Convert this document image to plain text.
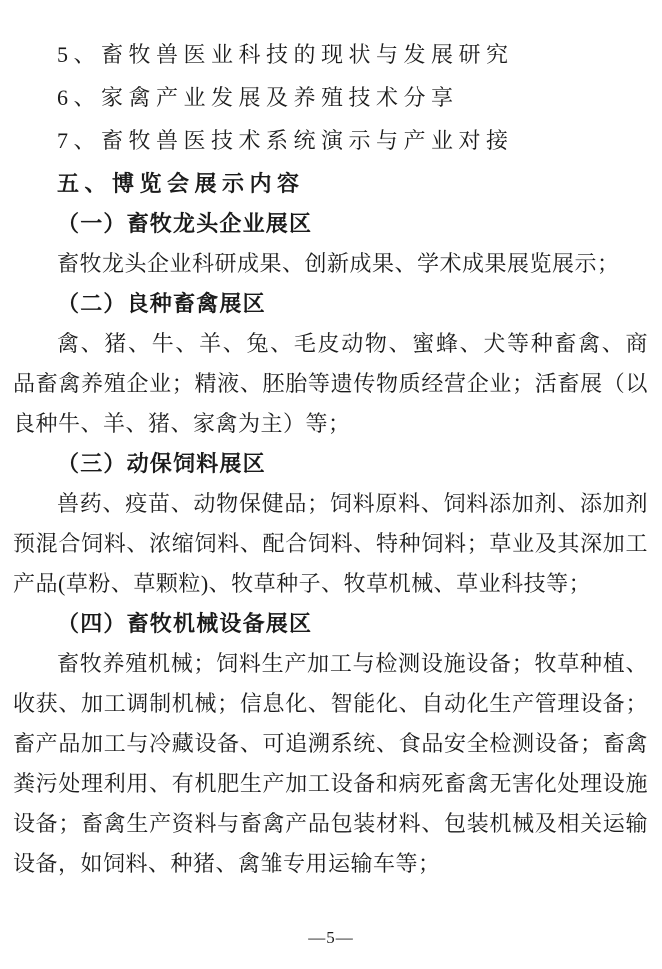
5、畜牧兽医业科技的现状与发展研究
6、家禽产业发展及养殖技术分享
7、畜牧兽医技术系统演示与产业对接
五、博览会展示内容
（一）畜牧龙头企业展区
畜牧龙头企业科研成果、创新成果、学术成果展览展示；
（二）良种畜禽展区
禽、猪、牛、羊、兔、毛皮动物、蜜蜂、犬等种畜禽、商
品畜禽养殖企业；精液、胚胎等遗传物质经营企业；活畜展（以
良种牛、羊、猪、家禽为主）等；
（三）动保饲料展区
兽药、疫苗、动物保健品；饲料原料、饲料添加剂、添加剂
预混合饲料、浓缩饲料、配合饲料、特种饲料；草业及其深加工
产品(草粉、草颗粒)、牧草种子、牧草机械、草业科技等；
（四）畜牧机械设备展区
畜牧养殖机械；饲料生产加工与检测设施设备；牧草种植、
收获、加工调制机械；信息化、智能化、自动化生产管理设备；
畜产品加工与冷藏设备、可追溯系统、食品安全检测设备；畜禽
粪污处理利用、有机肥生产加工设备和病死畜禽无害化处理设施
设备；畜禽生产资料与畜禽产品包装材料、包装机械及相关运输
设备，如饲料、种猪、禽雏专用运输车等；
—5—
